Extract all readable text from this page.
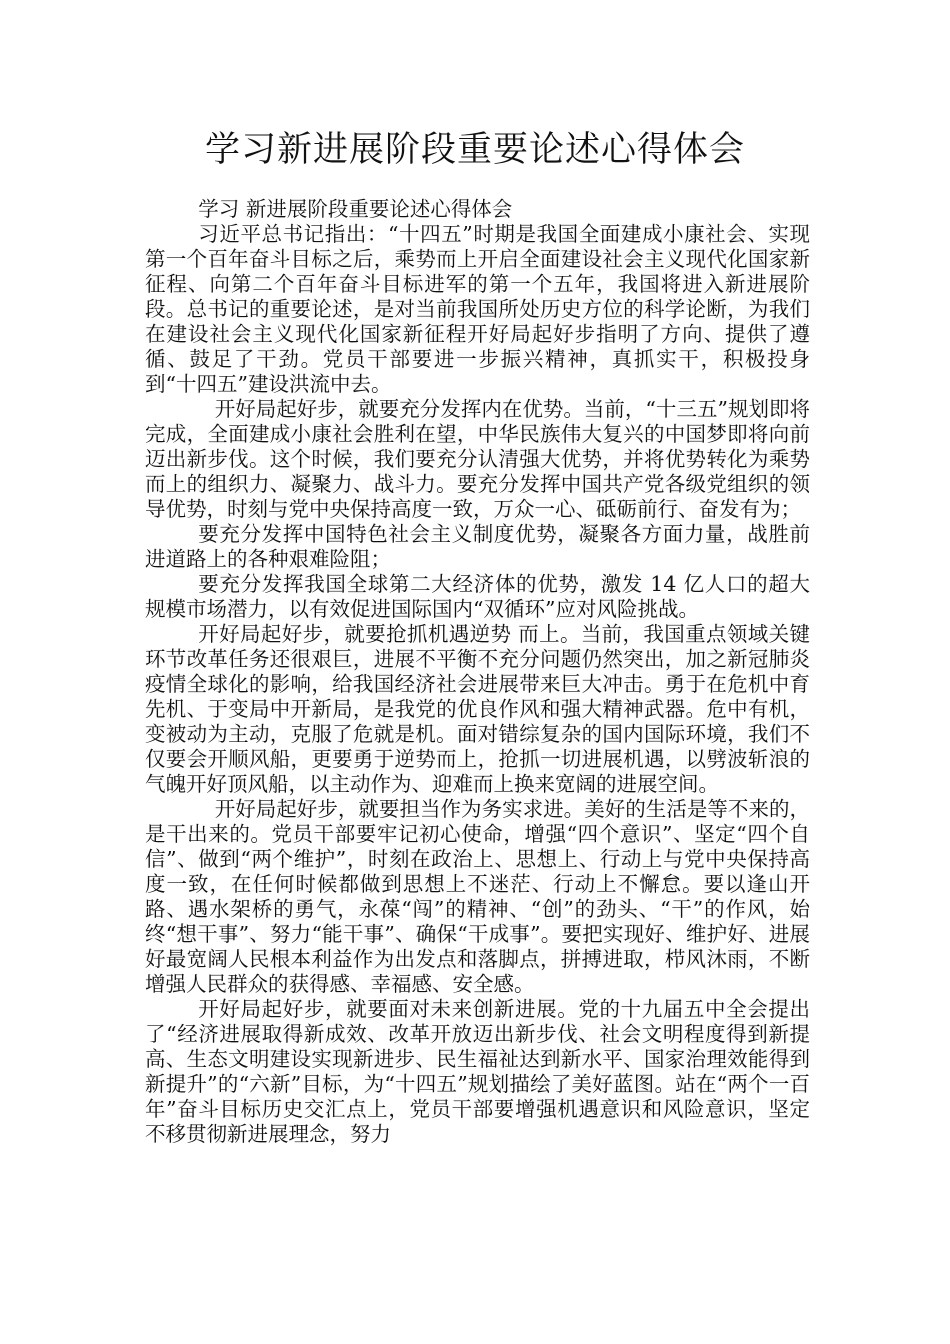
学习新进展阶段重要论述心得体会

学习 新进展阶段重要论述心得体会

习近平总书记指出：“十四五”时期是我国全面建成小康社会、实现第一个百年奋斗目标之后，乘势而上开启全面建设社会主义现代化国家新征程、向第二个百年奋斗目标进军的第一个五年，我国将进入新进展阶段。总书记的重要论述，是对当前我国所处历史方位的科学论断，为我们在建设社会主义现代化国家新征程开好局起好步指明了方向、提供了遵循、鼓足了干劲。党员干部要进一步振兴精神，真抓实干，积极投身到“十四五”建设洪流中去。

开好局起好步，就要充分发挥内在优势。当前，“十三五”规划即将完成，全面建成小康社会胜利在望，中华民族伟大复兴的中国梦即将向前迈出新步伐。这个时候，我们要充分认清强大优势，并将优势转化为乘势而上的组织力、凝聚力、战斗力。要充分发挥中国共产党各级党组织的领导优势，时刻与党中央保持高度一致，万众一心、砥砺前行、奋发有为；

要充分发挥中国特色社会主义制度优势，凝聚各方面力量，战胜前进道路上的各种艰难险阻；

要充分发挥我国全球第二大经济体的优势，激发 14 亿人口的超大规模市场潜力，以有效促进国际国内“双循环”应对风险挑战。

开好局起好步，就要抢抓机遇逆势 而上。当前，我国重点领域关键环节改革任务还很艰巨，进展不平衡不充分问题仍然突出，加之新冠肺炎疫情全球化的影响，给我国经济社会进展带来巨大冲击。勇于在危机中育先机、于变局中开新局，是我党的优良作风和强大精神武器。危中有机，变被动为主动，克服了危就是机。面对错综复杂的国内国际环境，我们不仅要会开顺风船，更要勇于逆势而上，抢抓一切进展机遇，以劈波斩浪的气魄开好顶风船，以主动作为、迎难而上换来宽阔的进展空间。

开好局起好步，就要担当作为务实求进。美好的生活是等不来的，是干出来的。党员干部要牢记初心使命，增强“四个意识”、坚定“四个自信”、做到“两个维护”，时刻在政治上、思想上、行动上与党中央保持高度一致，在任何时候都做到思想上不迷茫、行动上不懈怠。要以逢山开路、遇水架桥的勇气，永葆“闯”的精神、“创”的劲头、“干”的作风，始终“想干事”、努力“能干事”、确保“干成事”。要把实现好、维护好、进展好最宽阔人民根本利益作为出发点和落脚点，拼搏进取，栉风沐雨，不断增强人民群众的获得感、幸福感、安全感。

开好局起好步，就要面对未来创新进展。党的十九届五中全会提出了“经济进展取得新成效、改革开放迈出新步伐、社会文明程度得到新提高、生态文明建设实现新进步、民生福祉达到新水平、国家治理效能得到新提升”的“六新”目标，为“十四五”规划描绘了美好蓝图。站在“两个一百年”奋斗目标历史交汇点上，党员干部要增强机遇意识和风险意识，坚定不移贯彻新进展理念，努力
